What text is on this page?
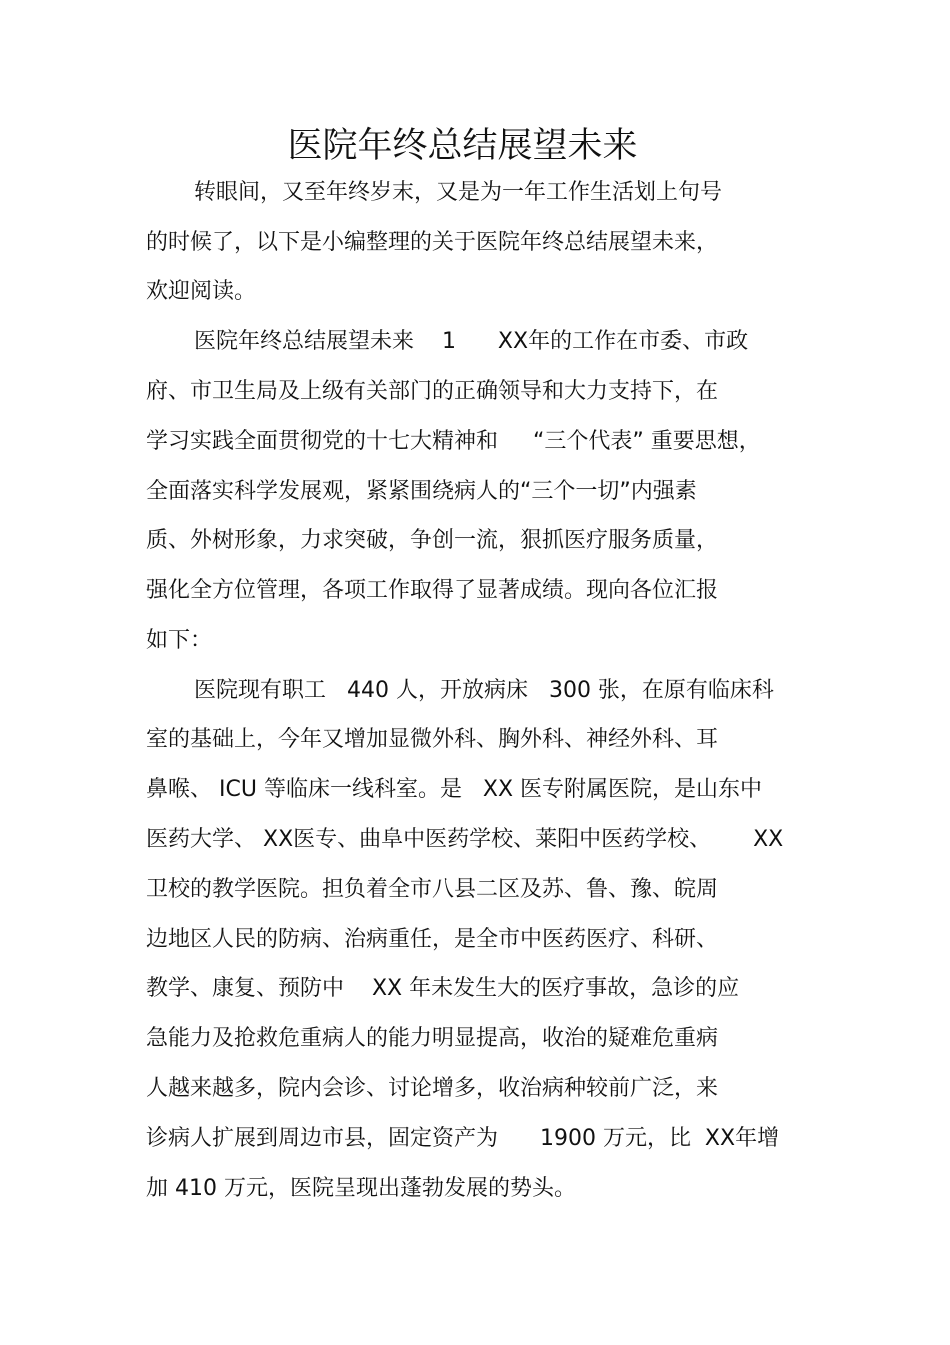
医院年终总结展望未来
转眼间，又至年终岁末，又是为一年工作生活划上句号
的时候了，以下是小编整理的关于医院年终总结展望未来，
欢迎阅读。
医院年终总结展望未来    1      XX年的工作在市委、市政
府、市卫生局及上级有关部门的正确领导和大力支持下，在
学习实践全面贯彻党的十七大精神和     “三个代表” 重要思想，
全面落实科学发展观，紧紧围绕病人的“三个一切”内强素
质、外树形象，力求突破，争创一流，狠抓医疗服务质量，
强化全方位管理，各项工作取得了显著成绩。现向各位汇报
如下：
医院现有职工   440 人，开放病床   300 张，在原有临床科
室的基础上，今年又增加显微外科、胸外科、神经外科、耳
鼻喉、 ICU 等临床一线科室。是   XX 医专附属医院，是山东中
医药大学、 XX医专、曲阜中医药学校、莱阳中医药学校、      XX
卫校的教学医院。担负着全市八县二区及苏、鲁、豫、皖周
边地区人民的防病、治病重任，是全市中医药医疗、科研、
教学、康复、预防中    XX 年未发生大的医疗事故，急诊的应
急能力及抢救危重病人的能力明显提高，收治的疑难危重病
人越来越多，院内会诊、讨论增多，收治病种较前广泛，来
诊病人扩展到周边市县，固定资产为      1900 万元，比  XX年增
加 410 万元，医院呈现出蓬勃发展的势头。
